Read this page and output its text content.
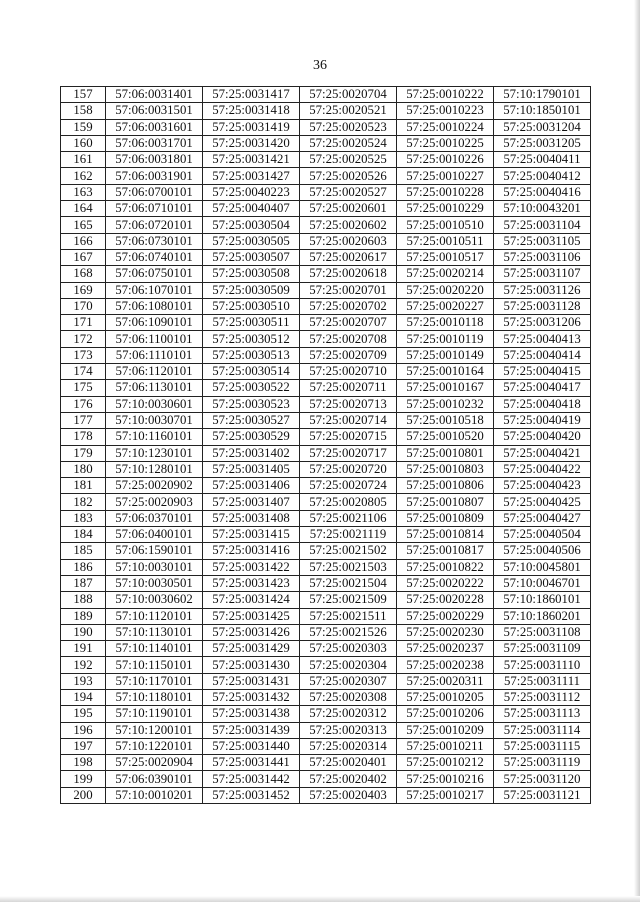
36
157	57:06:0031401	57:25:0031417	57:25:0020704	57:25:0010222	57:10:1790101
158	57:06:0031501	57:25:0031418	57:25:0020521	57:25:0010223	57:10:1850101
159	57:06:0031601	57:25:0031419	57:25:0020523	57:25:0010224	57:25:0031204
160	57:06:0031701	57:25:0031420	57:25:0020524	57:25:0010225	57:25:0031205
161	57:06:0031801	57:25:0031421	57:25:0020525	57:25:0010226	57:25:0040411
162	57:06:0031901	57:25:0031427	57:25:0020526	57:25:0010227	57:25:0040412
163	57:06:0700101	57:25:0040223	57:25:0020527	57:25:0010228	57:25:0040416
164	57:06:0710101	57:25:0040407	57:25:0020601	57:25:0010229	57:10:0043201
165	57:06:0720101	57:25:0030504	57:25:0020602	57:25:0010510	57:25:0031104
166	57:06:0730101	57:25:0030505	57:25:0020603	57:25:0010511	57:25:0031105
167	57:06:0740101	57:25:0030507	57:25:0020617	57:25:0010517	57:25:0031106
168	57:06:0750101	57:25:0030508	57:25:0020618	57:25:0020214	57:25:0031107
169	57:06:1070101	57:25:0030509	57:25:0020701	57:25:0020220	57:25:0031126
170	57:06:1080101	57:25:0030510	57:25:0020702	57:25:0020227	57:25:0031128
171	57:06:1090101	57:25:0030511	57:25:0020707	57:25:0010118	57:25:0031206
172	57:06:1100101	57:25:0030512	57:25:0020708	57:25:0010119	57:25:0040413
173	57:06:1110101	57:25:0030513	57:25:0020709	57:25:0010149	57:25:0040414
174	57:06:1120101	57:25:0030514	57:25:0020710	57:25:0010164	57:25:0040415
175	57:06:1130101	57:25:0030522	57:25:0020711	57:25:0010167	57:25:0040417
176	57:10:0030601	57:25:0030523	57:25:0020713	57:25:0010232	57:25:0040418
177	57:10:0030701	57:25:0030527	57:25:0020714	57:25:0010518	57:25:0040419
178	57:10:1160101	57:25:0030529	57:25:0020715	57:25:0010520	57:25:0040420
179	57:10:1230101	57:25:0031402	57:25:0020717	57:25:0010801	57:25:0040421
180	57:10:1280101	57:25:0031405	57:25:0020720	57:25:0010803	57:25:0040422
181	57:25:0020902	57:25:0031406	57:25:0020724	57:25:0010806	57:25:0040423
182	57:25:0020903	57:25:0031407	57:25:0020805	57:25:0010807	57:25:0040425
183	57:06:0370101	57:25:0031408	57:25:0021106	57:25:0010809	57:25:0040427
184	57:06:0400101	57:25:0031415	57:25:0021119	57:25:0010814	57:25:0040504
185	57:06:1590101	57:25:0031416	57:25:0021502	57:25:0010817	57:25:0040506
186	57:10:0030101	57:25:0031422	57:25:0021503	57:25:0010822	57:10:0045801
187	57:10:0030501	57:25:0031423	57:25:0021504	57:25:0020222	57:10:0046701
188	57:10:0030602	57:25:0031424	57:25:0021509	57:25:0020228	57:10:1860101
189	57:10:1120101	57:25:0031425	57:25:0021511	57:25:0020229	57:10:1860201
190	57:10:1130101	57:25:0031426	57:25:0021526	57:25:0020230	57:25:0031108
191	57:10:1140101	57:25:0031429	57:25:0020303	57:25:0020237	57:25:0031109
192	57:10:1150101	57:25:0031430	57:25:0020304	57:25:0020238	57:25:0031110
193	57:10:1170101	57:25:0031431	57:25:0020307	57:25:0020311	57:25:0031111
194	57:10:1180101	57:25:0031432	57:25:0020308	57:25:0010205	57:25:0031112
195	57:10:1190101	57:25:0031438	57:25:0020312	57:25:0010206	57:25:0031113
196	57:10:1200101	57:25:0031439	57:25:0020313	57:25:0010209	57:25:0031114
197	57:10:1220101	57:25:0031440	57:25:0020314	57:25:0010211	57:25:0031115
198	57:25:0020904	57:25:0031441	57:25:0020401	57:25:0010212	57:25:0031119
199	57:06:0390101	57:25:0031442	57:25:0020402	57:25:0010216	57:25:0031120
200	57:10:0010201	57:25:0031452	57:25:0020403	57:25:0010217	57:25:0031121
